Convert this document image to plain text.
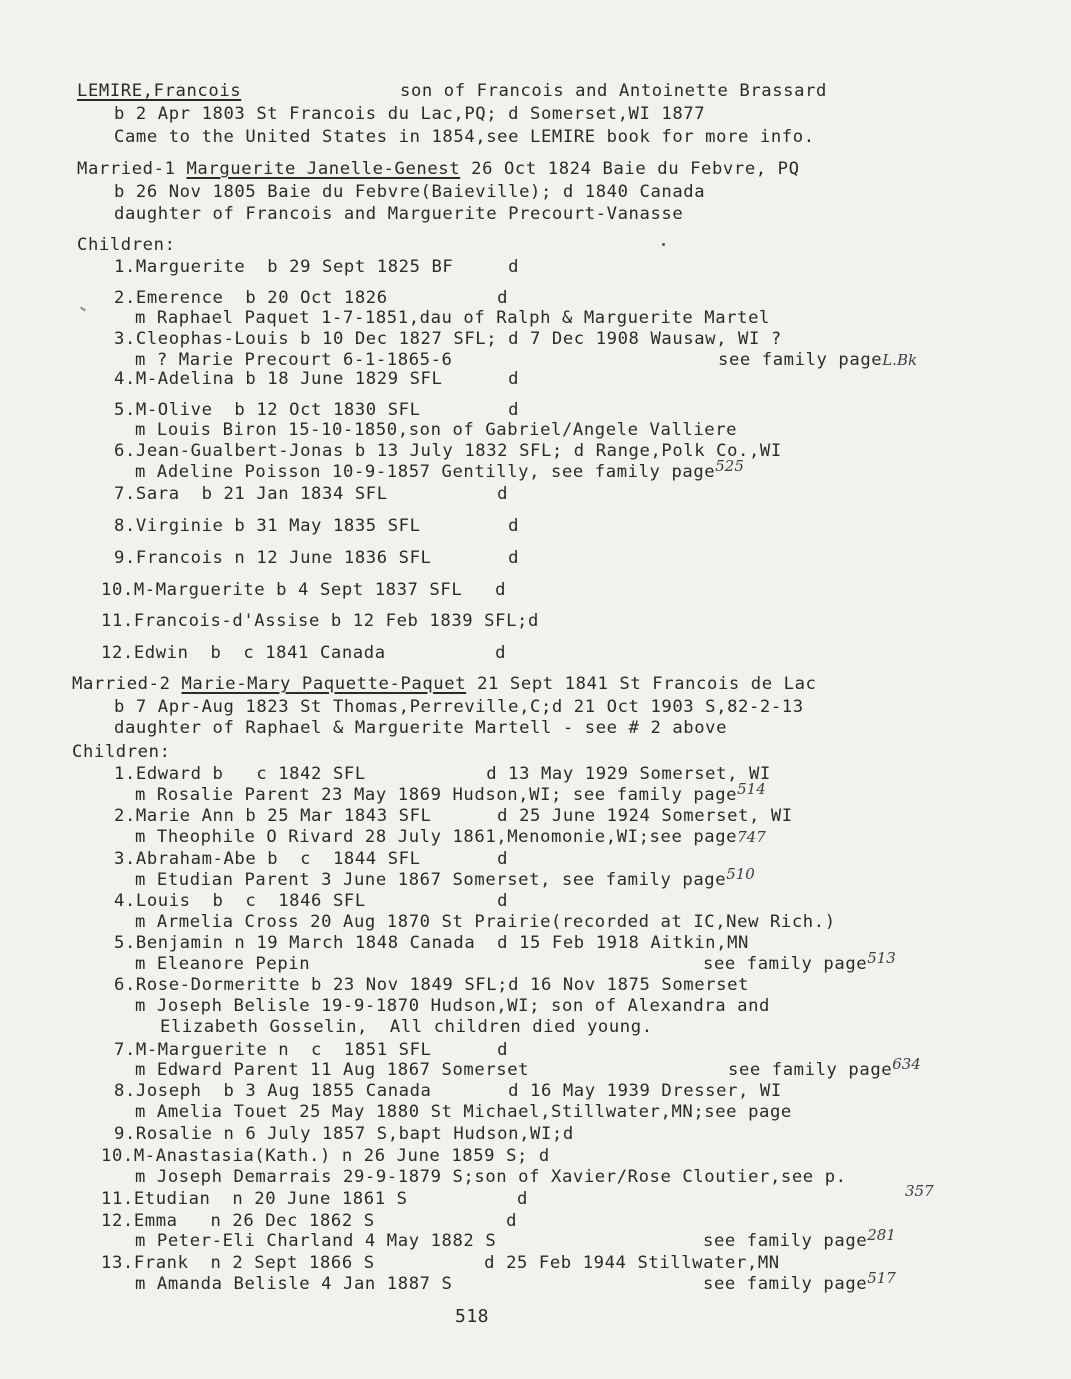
LEMIRE,Francois	son of Francois and Antoinette Brassard
b 2 Apr 1803 St Francois du Lac,PQ; d Somerset,WI 1877
Came to the United States in 1854,see LEMIRE book for more info.
Married-1 Marguerite Janelle-Genest 26 Oct 1824 Baie du Febvre, PQ
b 26 Nov 1805 Baie du Febvre(Baieville); d 1840 Canada
daughter of Francois and Marguerite Precourt-Vanasse
Children:
1.Marguerite  b 29 Sept 1825 BF     d
2.Emerence  b 20 Oct 1826          d
m Raphael Paquet 1-7-1851,dau of Ralph & Marguerite Martel
3.Cleophas-Louis b 10 Dec 1827 SFL; d 7 Dec 1908 Wausaw, WI ?
m ? Marie Precourt 6-1-1865-6	see family pageL.Bk
4.M-Adelina b 18 June 1829 SFL      d
5.M-Olive  b 12 Oct 1830 SFL        d
m Louis Biron 15-10-1850,son of Gabriel/Angele Valliere
6.Jean-Gualbert-Jonas b 13 July 1832 SFL; d Range,Polk Co.,WI
m Adeline Poisson 10-9-1857 Gentilly, see family page525
7.Sara  b 21 Jan 1834 SFL          d
8.Virginie b 31 May 1835 SFL        d
9.Francois n 12 June 1836 SFL       d
10.M-Marguerite b 4 Sept 1837 SFL   d
11.Francois-d'Assise b 12 Feb 1839 SFL;d
12.Edwin  b  c 1841 Canada          d
Married-2 Marie-Mary Paquette-Paquet 21 Sept 1841 St Francois de Lac
b 7 Apr-Aug 1823 St Thomas,Perreville,C;d 21 Oct 1903 S,82-2-13
daughter of Raphael & Marguerite Martell - see # 2 above
Children:
1.Edward b   c 1842 SFL           d 13 May 1929 Somerset, WI
m Rosalie Parent 23 May 1869 Hudson,WI; see family page514
2.Marie Ann b 25 Mar 1843 SFL      d 25 June 1924 Somerset, WI
m Theophile O Rivard 28 July 1861,Menomonie,WI;see page747
3.Abraham-Abe b  c  1844 SFL       d
m Etudian Parent 3 June 1867 Somerset, see family page510
4.Louis  b  c  1846 SFL            d
m Armelia Cross 20 Aug 1870 St Prairie(recorded at IC,New Rich.)
5.Benjamin n 19 March 1848 Canada  d 15 Feb 1918 Aitkin,MN
m Eleanore Pepin	see family page513
6.Rose-Dormeritte b 23 Nov 1849 SFL;d 16 Nov 1875 Somerset
m Joseph Belisle 19-9-1870 Hudson,WI; son of Alexandra and
Elizabeth Gosselin,  All children died young.
7.M-Marguerite n  c  1851 SFL      d
m Edward Parent 11 Aug 1867 Somerset	see family page634
8.Joseph  b 3 Aug 1855 Canada       d 16 May 1939 Dresser, WI
m Amelia Touet 25 May 1880 St Michael,Stillwater,MN;see page
9.Rosalie n 6 July 1857 S,bapt Hudson,WI;d
10.M-Anastasia(Kath.) n 26 June 1859 S; d
m Joseph Demarrais 29-9-1879 S;son of Xavier/Rose Cloutier,see p.
357
11.Etudian  n 20 June 1861 S          d
12.Emma   n 26 Dec 1862 S            d
m Peter-Eli Charland 4 May 1882 S	see family page281
13.Frank  n 2 Sept 1866 S          d 25 Feb 1944 Stillwater,MN
m Amanda Belisle 4 Jan 1887 S	see family page517
518
